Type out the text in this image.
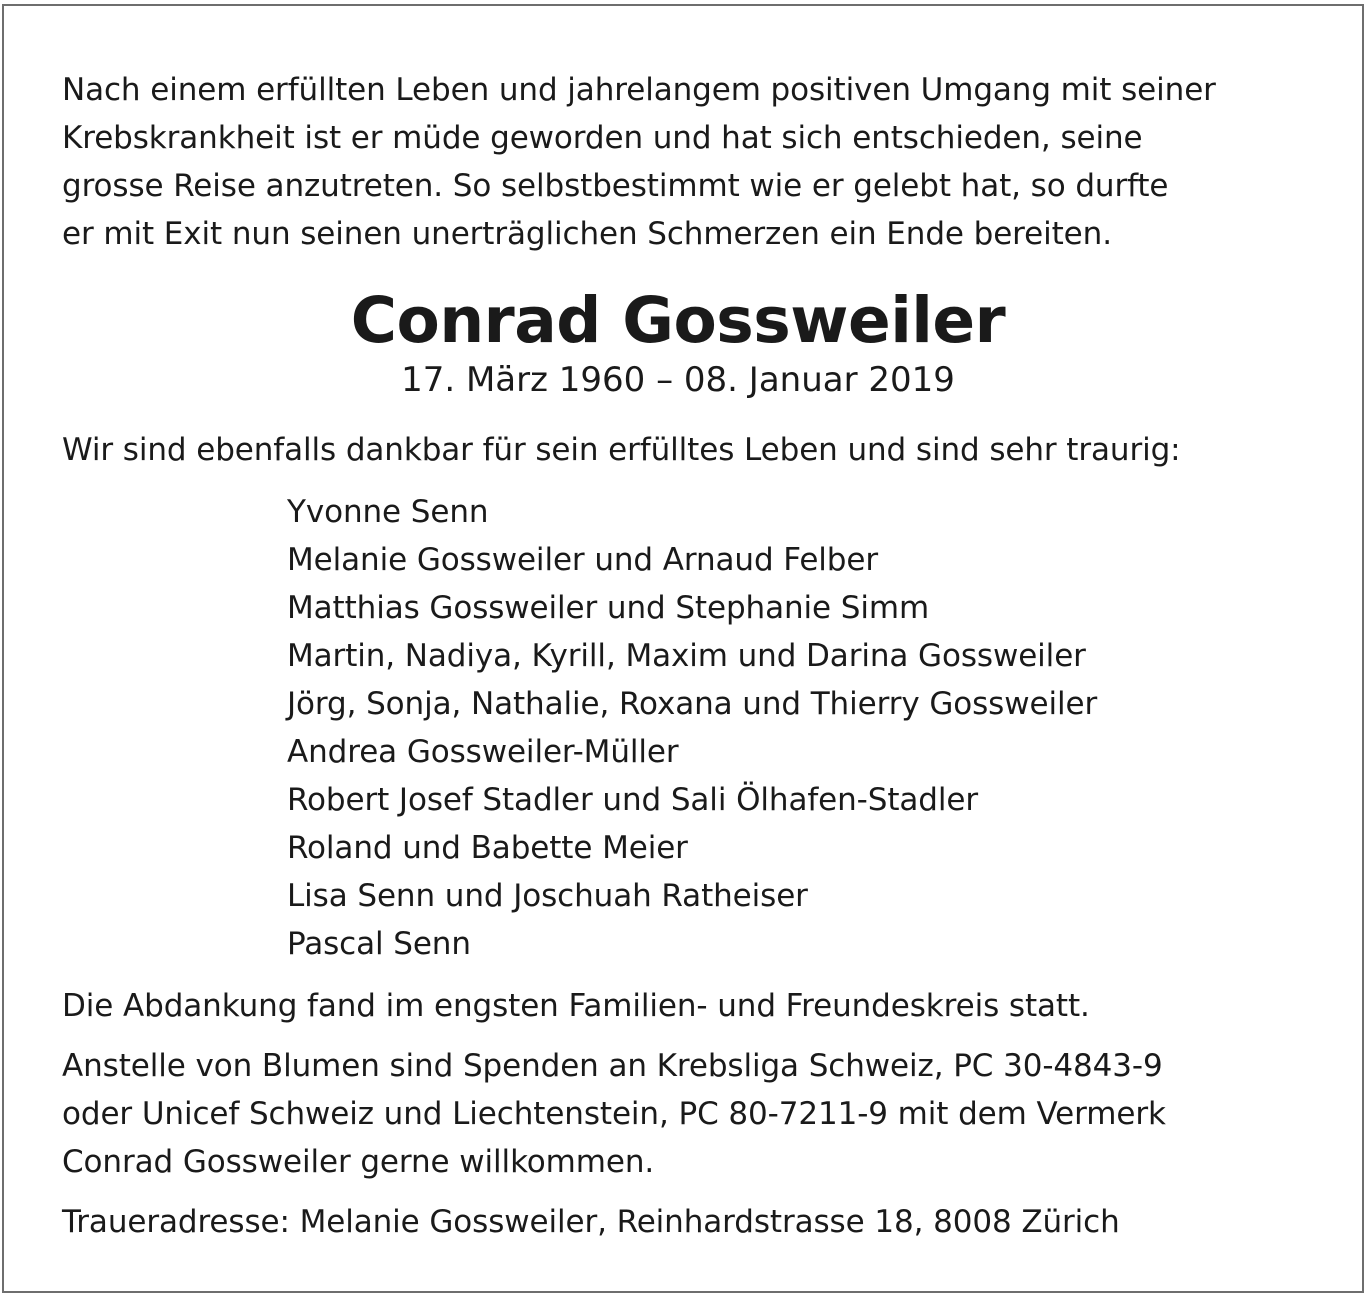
Nach einem erfüllten Leben und jahrelangem positiven Umgang mit seiner
Krebskrankheit ist er müde geworden und hat sich entschieden, seine
grosse Reise anzutreten. So selbstbestimmt wie er gelebt hat, so durfte
er mit Exit nun seinen unerträglichen Schmerzen ein Ende bereiten.
Conrad Gossweiler
17. März 1960 – 08. Januar 2019
Wir sind ebenfalls dankbar für sein erfülltes Leben und sind sehr traurig:
Yvonne Senn
Melanie Gossweiler und Arnaud Felber
Matthias Gossweiler und Stephanie Simm
Martin, Nadiya, Kyrill, Maxim und Darina Gossweiler
Jörg, Sonja, Nathalie, Roxana und Thierry Gossweiler
Andrea Gossweiler-Müller
Robert Josef Stadler und Sali Ölhafen-Stadler
Roland und Babette Meier
Lisa Senn und Joschuah Ratheiser
Pascal Senn
Die Abdankung fand im engsten Familien- und Freundeskreis statt.
Anstelle von Blumen sind Spenden an Krebsliga Schweiz, PC 30-4843-9
oder Unicef Schweiz und Liechtenstein, PC 80-7211-9 mit dem Vermerk
Conrad Gossweiler gerne willkommen.
Traueradresse: Melanie Gossweiler, Reinhardstrasse 18, 8008 Zürich
